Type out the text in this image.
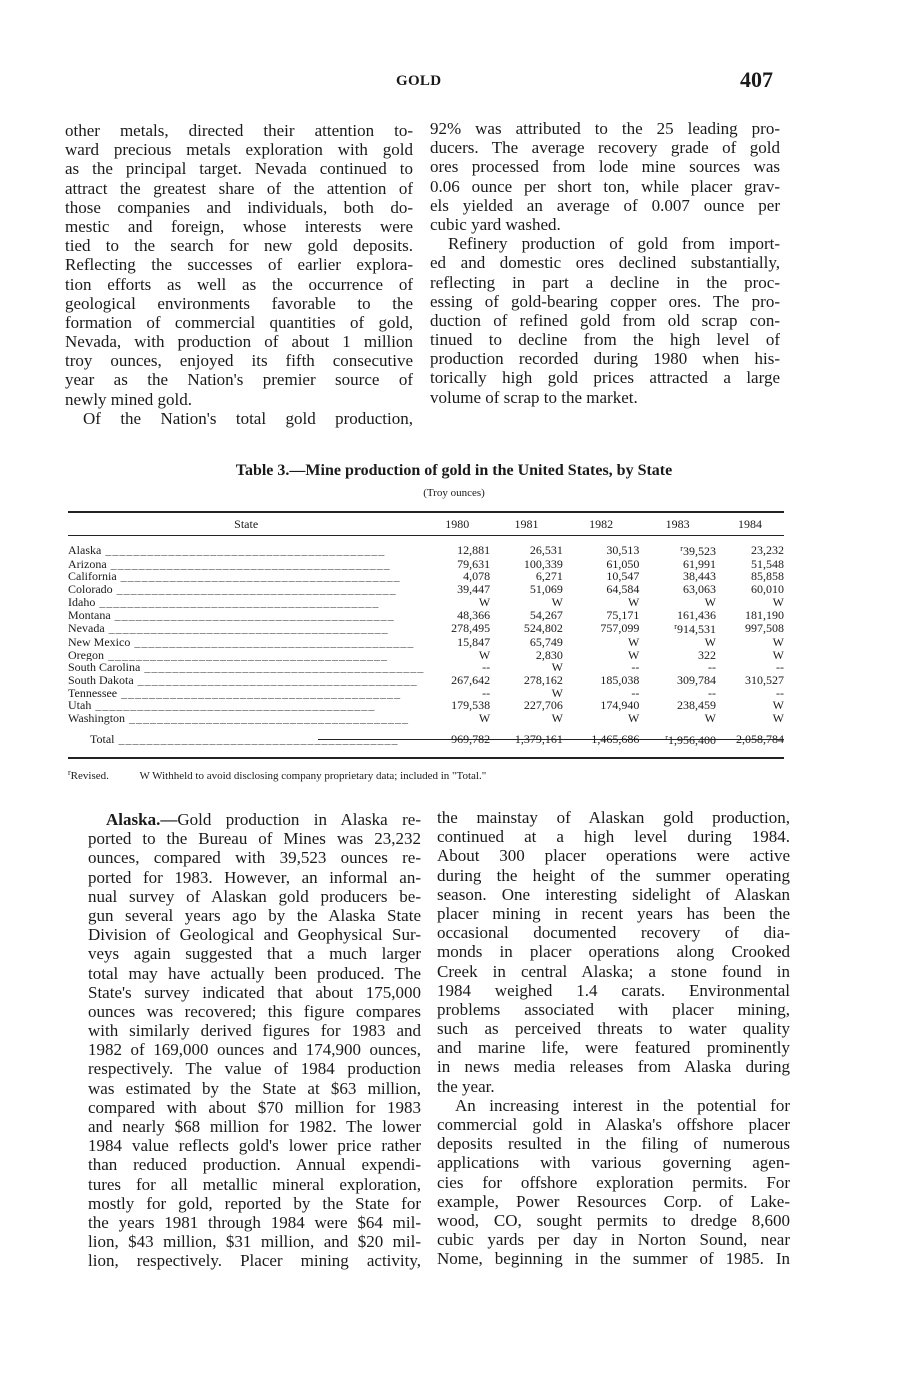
GOLD	407
other metals, directed their attention to-
ward precious metals exploration with gold
as the principal target. Nevada continued to
attract the greatest share of the attention of
those companies and individuals, both do-
mestic and foreign, whose interests were
tied to the search for new gold deposits.
Reflecting the successes of earlier explora-
tion efforts as well as the occurrence of
geological environments favorable to the
formation of commercial quantities of gold,
Nevada, with production of about 1 million
troy ounces, enjoyed its fifth consecutive
year as the Nation's premier source of
newly mined gold.
Of the Nation's total gold production,
92% was attributed to the 25 leading pro-
ducers. The average recovery grade of gold
ores processed from lode mine sources was
0.06 ounce per short ton, while placer grav-
els yielded an average of 0.007 ounce per
cubic yard washed.
Refinery production of gold from import-
ed and domestic ores declined substantially,
reflecting in part a decline in the proc-
essing of gold-bearing copper ores. The pro-
duction of refined gold from old scrap con-
tinued to decline from the high level of
production recorded during 1980 when his-
torically high gold prices attracted a large
volume of scrap to the market.
Table 3.—Mine production of gold in the United States, by State
(Troy ounces)
State	1980	1981	1982	1983	1984

Alaska ________________________________________	12,881	26,531	30,513	$^r$39,523	23,232
Arizona ________________________________________	79,631	100,339	61,050	61,991	51,548
California ________________________________________	4,078	6,271	10,547	38,443	85,858
Colorado ________________________________________	39,447	51,069	64,584	63,063	60,010
Idaho ________________________________________	W	W	W	W	W
Montana ________________________________________	48,366	54,267	75,171	161,436	181,190
Nevada ________________________________________	278,495	524,802	757,099	$^r$914,531	997,508
New Mexico ________________________________________	15,847	65,749	W	W	W
Oregon ________________________________________	W	2,830	W	322	W
South Carolina ________________________________________	--	W	--	--	--
South Dakota ________________________________________	267,642	278,162	185,038	309,784	310,527
Tennessee ________________________________________	--	W	--	--	--
Utah ________________________________________	179,538	227,706	174,940	238,459	W
Washington ________________________________________	W	W	W	W	W
Total ________________________________________	969,782	1,379,161	1,465,686	$^r$1,956,400	2,058,784
$^r$Revised.	W Withheld to avoid disclosing company proprietary data; included in "Total."
Alaska.—Gold production in Alaska re-
ported to the Bureau of Mines was 23,232
ounces, compared with 39,523 ounces re-
ported for 1983. However, an informal an-
nual survey of Alaskan gold producers be-
gun several years ago by the Alaska State
Division of Geological and Geophysical Sur-
veys again suggested that a much larger
total may have actually been produced. The
State's survey indicated that about 175,000
ounces was recovered; this figure compares
with similarly derived figures for 1983 and
1982 of 169,000 ounces and 174,900 ounces,
respectively. The value of 1984 production
was estimated by the State at $63 million,
compared with about $70 million for 1983
and nearly $68 million for 1982. The lower
1984 value reflects gold's lower price rather
than reduced production. Annual expendi-
tures for all metallic mineral exploration,
mostly for gold, reported by the State for
the years 1981 through 1984 were $64 mil-
lion, $43 million, $31 million, and $20 mil-
lion, respectively. Placer mining activity,
the mainstay of Alaskan gold production,
continued at a high level during 1984.
About 300 placer operations were active
during the height of the summer operating
season. One interesting sidelight of Alaskan
placer mining in recent years has been the
occasional documented recovery of dia-
monds in placer operations along Crooked
Creek in central Alaska; a stone found in
1984 weighed 1.4 carats. Environmental
problems associated with placer mining,
such as perceived threats to water quality
and marine life, were featured prominently
in news media releases from Alaska during
the year.
An increasing interest in the potential for
commercial gold in Alaska's offshore placer
deposits resulted in the filing of numerous
applications with various governing agen-
cies for offshore exploration permits. For
example, Power Resources Corp. of Lake-
wood, CO, sought permits to dredge 8,600
cubic yards per day in Norton Sound, near
Nome, beginning in the summer of 1985. In
